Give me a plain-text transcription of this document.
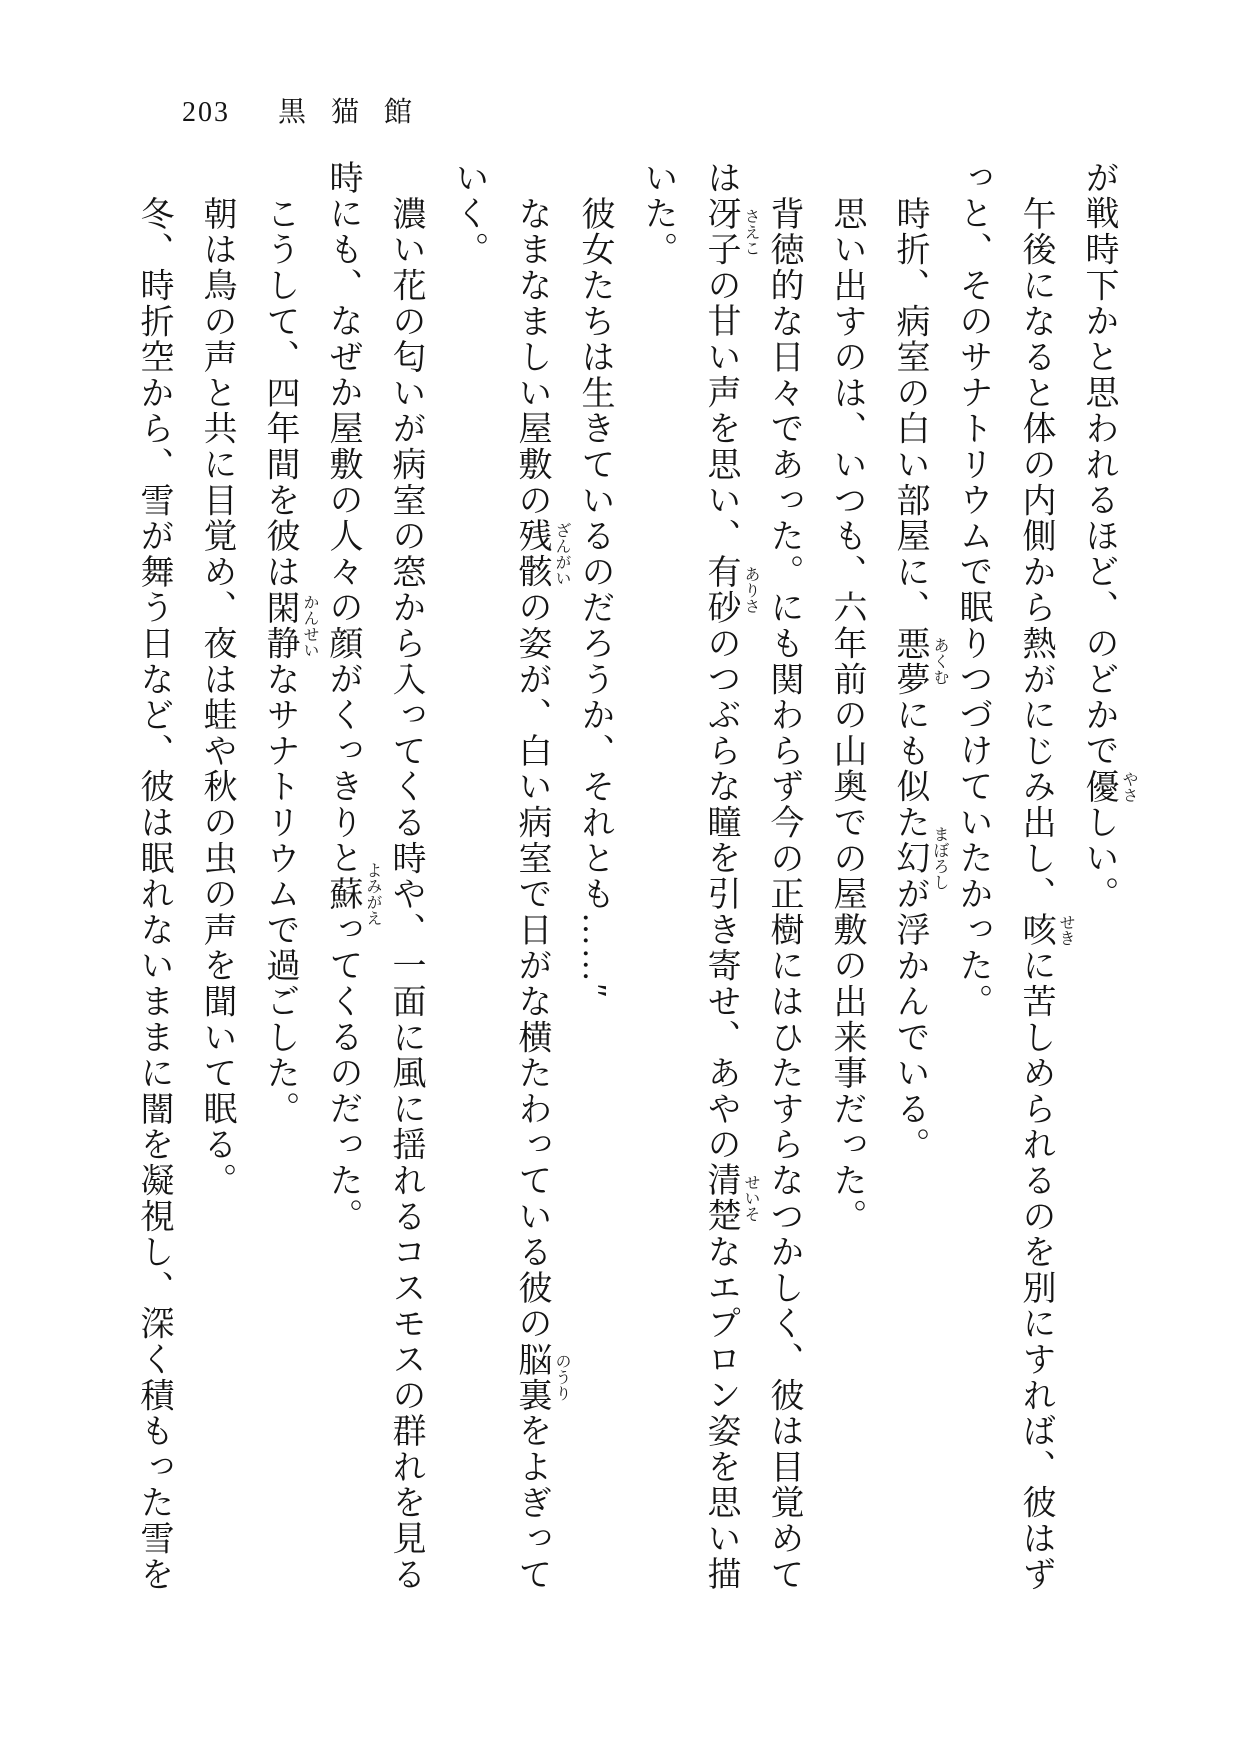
203 黒猫館
が戦時下かと思われるほど、のどかで優 やさ
しい。
午後になると体の内側から熱がにじみ出し、咳 せき
に苦しめられるのを別にすれば、彼はず
っと、そのサナトリウムで眠りつづけていたかった。
時折、病室の白い部屋に、悪夢 あくむ
にも似た幻 まぼろし
が浮かんでいる。
思い出すのは、いつも、六年前の山奥での屋敷の出来事だった。
背徳的な日々であった。にも関わらず今の正樹にはひたすらなつかしく、彼は目覚めて
は冴子 さえこ
の甘い声を思い、有砂 ありさ
のつぶらな瞳を引き寄せ、あやの清楚 せいそ
なエプロン姿を思い描
いた。
彼女たちは生きているのだろうか、それとも……″
なまなましい屋敷の残骸 ざんがい
の姿が、白い病室で日がな横たわっている彼の脳裏 のうり
をよぎって
いく。
濃い花の匂いが病室の窓から入ってくる時や、一面に風に揺れるコスモスの群れを見る
時にも、なぜか屋敷の人々の顔がくっきりと蘇 よみがえ
ってくるのだった。
こうして、四年間を彼は閑静 かんせい
なサナトリウムで過ごした。
朝は鳥の声と共に目覚め、夜は蛙や秋の虫の声を聞いて眠る。
冬、時折空から、雪が舞う日など、彼は眠れないままに闇を凝視し、深く積もった雪を
